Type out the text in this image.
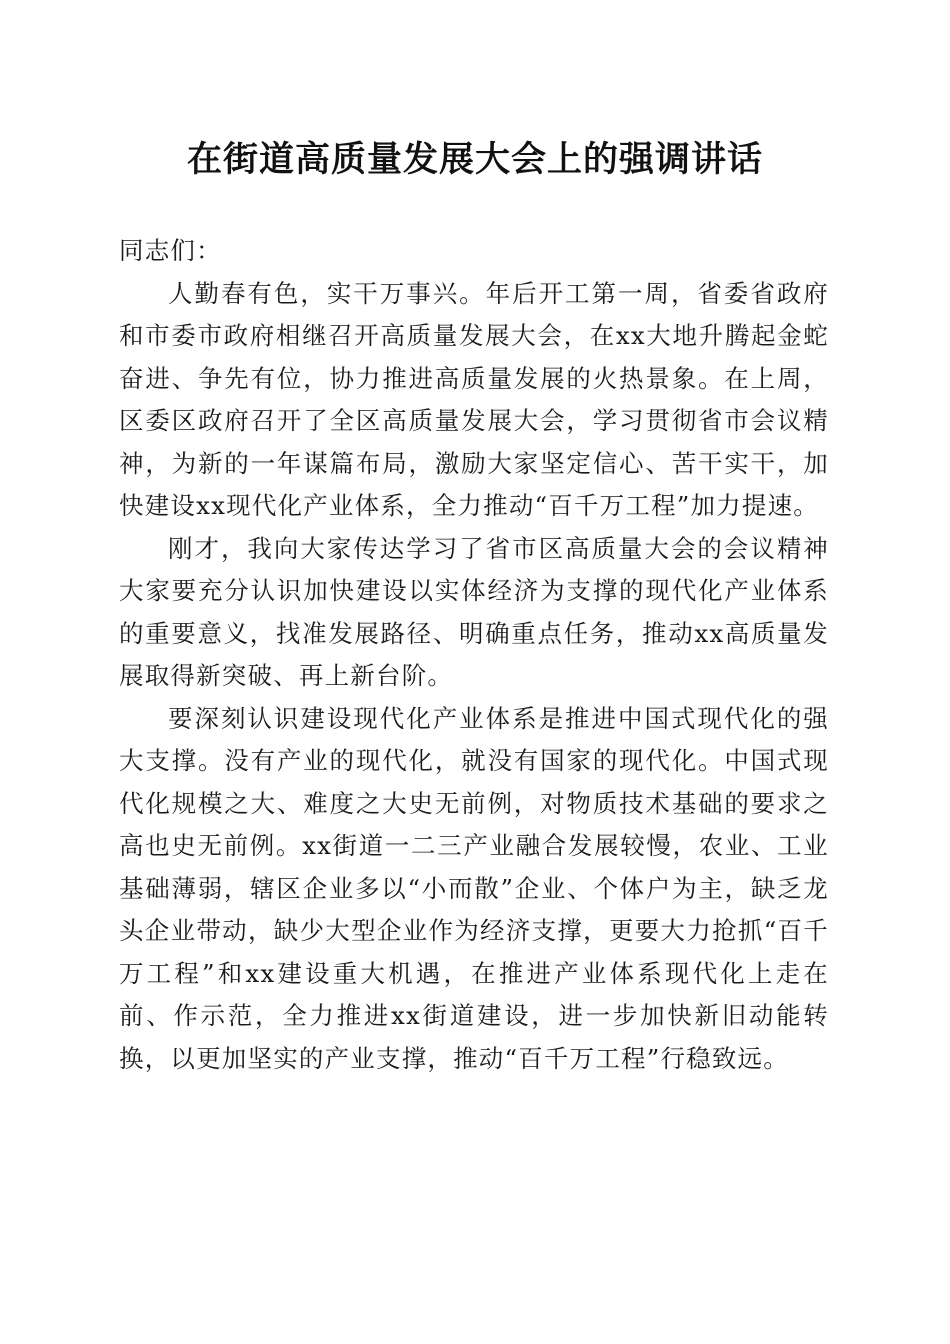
在街道高质量发展大会上的强调讲话

同志们：

人勤春有色，实干万事兴。年后开工第一周，省委省政府和市委市政府相继召开高质量发展大会，在xx大地升腾起金蛇奋进、争先有位，协力推进高质量发展的火热景象。在上周，区委区政府召开了全区高质量发展大会，学习贯彻省市会议精神，为新的一年谋篇布局，激励大家坚定信心、苦干实干，加快建设xx现代化产业体系，全力推动“百千万工程”加力提速。

刚才，我向大家传达学习了省市区高质量大会的会议精神大家要充分认识加快建设以实体经济为支撑的现代化产业体系的重要意义，找准发展路径、明确重点任务，推动xx高质量发展取得新突破、再上新台阶。

要深刻认识建设现代化产业体系是推进中国式现代化的强大支撑。没有产业的现代化，就没有国家的现代化。中国式现代化规模之大、难度之大史无前例，对物质技术基础的要求之高也史无前例。xx街道一二三产业融合发展较慢，农业、工业基础薄弱，辖区企业多以“小而散”企业、个体户为主，缺乏龙头企业带动，缺少大型企业作为经济支撑，更要大力抢抓“百千万工程”和xx建设重大机遇，在推进产业体系现代化上走在前、作示范，全力推进xx街道建设，进一步加快新旧动能转换，以更加坚实的产业支撑，推动“百千万工程”行稳致远。
